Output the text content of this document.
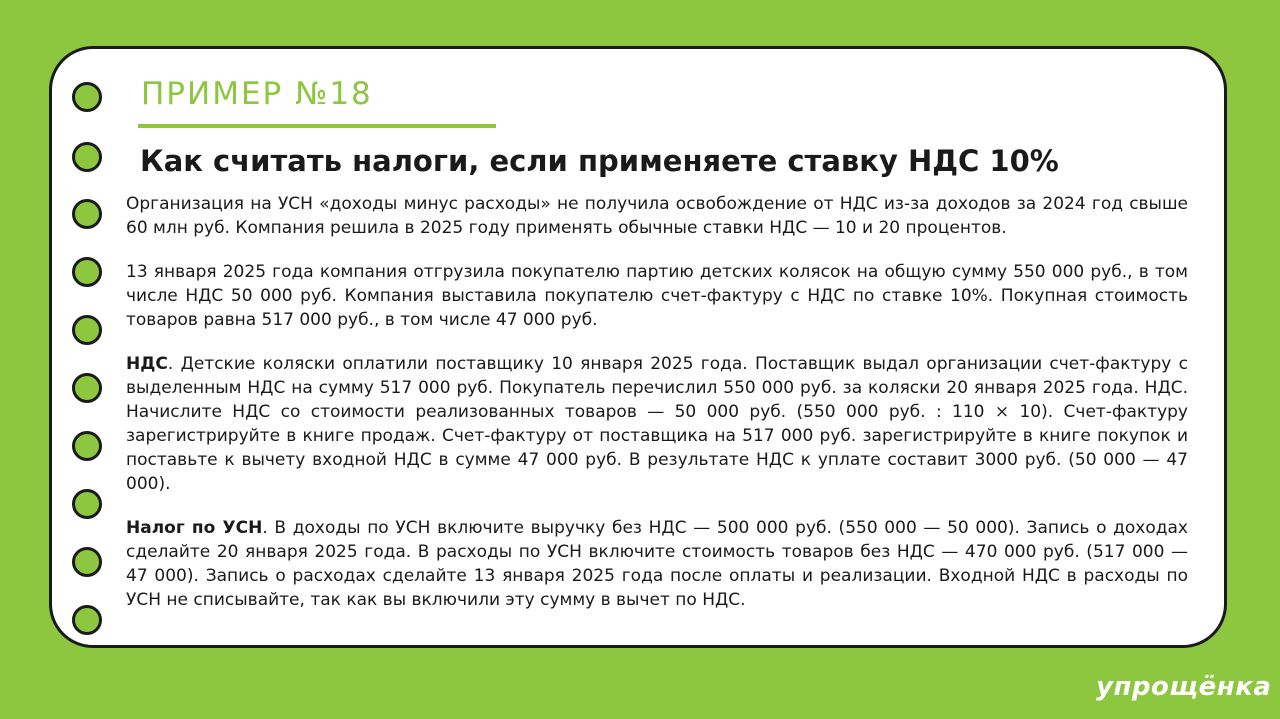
ПРИМЕР №18
Как считать налоги, если применяете ставку НДС 10%

Организация на УСН «доходы минус расходы» не получила освобождение от НДС из-за доходов за 2024 год свыше 60 млн руб. Компания решила в 2025 году применять обычные ставки НДС — 10 и 20 процентов.

13 января 2025 года компания отгрузила покупателю партию детских колясок на общую сумму 550 000 руб., в том числе НДС 50 000 руб. Компания выставила покупателю счет-фактуру с НДС по ставке 10%. Покупная стоимость товаров равна 517 000 руб., в том числе 47 000 руб.

НДС. Детские коляски оплатили поставщику 10 января 2025 года. Поставщик выдал организации счет-фактуру с выделенным НДС на сумму 517 000 руб. Покупатель перечислил 550 000 руб. за коляски 20 января 2025 года. НДС. Начислите НДС со стоимости реализованных товаров — 50 000 руб. (550 000 руб. : 110 × 10). Счет-фактуру зарегистрируйте в книге продаж. Счет-фактуру от поставщика на 517 000 руб. зарегистрируйте в книге покупок и поставьте к вычету входной НДС в сумме 47 000 руб. В результате НДС к уплате составит 3000 руб. (50 000 — 47 000).

Налог по УСН. В доходы по УСН включите выручку без НДС — 500 000 руб. (550 000 — 50 000). Запись о доходах сделайте 20 января 2025 года. В расходы по УСН включите стоимость товаров без НДС — 470 000 руб. (517 000 — 47 000). Запись о расходах сделайте 13 января 2025 года после оплаты и реализации. Входной НДС в расходы по УСН не списывайте, так как вы включили эту сумму в вычет по НДС.

упрощёнка
